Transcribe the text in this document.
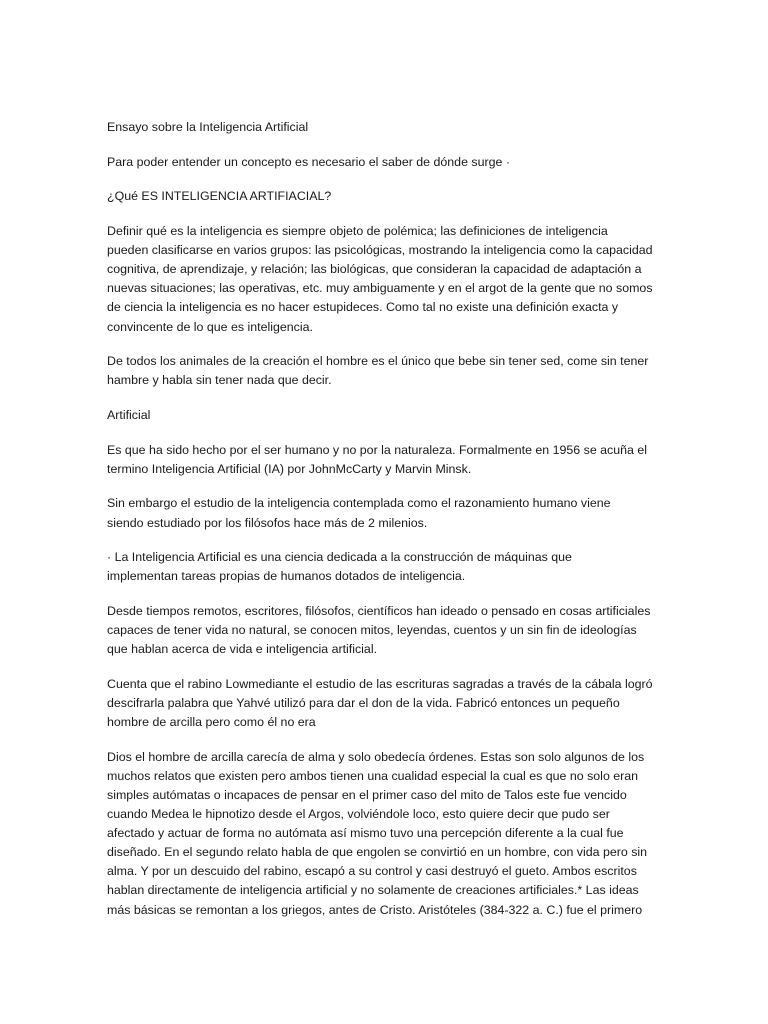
Ensayo sobre la Inteligencia Artificial

Para poder entender un concepto es necesario el saber de dónde surge ·

¿Qué ES INTELIGENCIA ARTIFIACIAL?

Definir qué es la inteligencia es siempre objeto de polémica; las definiciones de inteligencia
pueden clasificarse en varios grupos: las psicológicas, mostrando la inteligencia como la capacidad
cognitiva, de aprendizaje, y relación; las biológicas, que consideran la capacidad de adaptación a
nuevas situaciones; las operativas, etc. muy ambiguamente y en el argot de la gente que no somos
de ciencia la inteligencia es no hacer estupideces. Como tal no existe una definición exacta y
convincente de lo que es inteligencia.

De todos los animales de la creación el hombre es el único que bebe sin tener sed, come sin tener
hambre y habla sin tener nada que decir.

Artificial

Es que ha sido hecho por el ser humano y no por la naturaleza. Formalmente en 1956 se acuña el
termino Inteligencia Artificial (IA) por JohnMcCarty y Marvin Minsk.

Sin embargo el estudio de la inteligencia contemplada como el razonamiento humano viene
siendo estudiado por los filósofos hace más de 2 milenios.

· La Inteligencia Artificial es una ciencia dedicada a la construcción de máquinas que
implementan tareas propias de humanos dotados de inteligencia.

Desde tiempos remotos, escritores, filósofos, científicos han ideado o pensado en cosas artificiales
capaces de tener vida no natural, se conocen mitos, leyendas, cuentos y un sin fin de ideologías
que hablan acerca de vida e inteligencia artificial.

Cuenta que el rabino Lowmediante el estudio de las escrituras sagradas a través de la cábala logró
descifrarla palabra que Yahvé utilizó para dar el don de la vida. Fabricó entonces un pequeño
hombre de arcilla pero como él no era

Dios el hombre de arcilla carecía de alma y solo obedecía órdenes. Estas son solo algunos de los
muchos relatos que existen pero ambos tienen una cualidad especial la cual es que no solo eran
simples autómatas o incapaces de pensar en el primer caso del mito de Talos este fue vencido
cuando Medea le hipnotizo desde el Argos, volviéndole loco, esto quiere decir que pudo ser
afectado y actuar de forma no autómata así mismo tuvo una percepción diferente a la cual fue
diseñado. En el segundo relato habla de que engolen se convirtió en un hombre, con vida pero sin
alma. Y por un descuido del rabino, escapó a su control y casi destruyó el gueto. Ambos escritos
hablan directamente de inteligencia artificial y no solamente de creaciones artificiales.* Las ideas
más básicas se remontan a los griegos, antes de Cristo. Aristóteles (384-322 a. C.) fue el primero
